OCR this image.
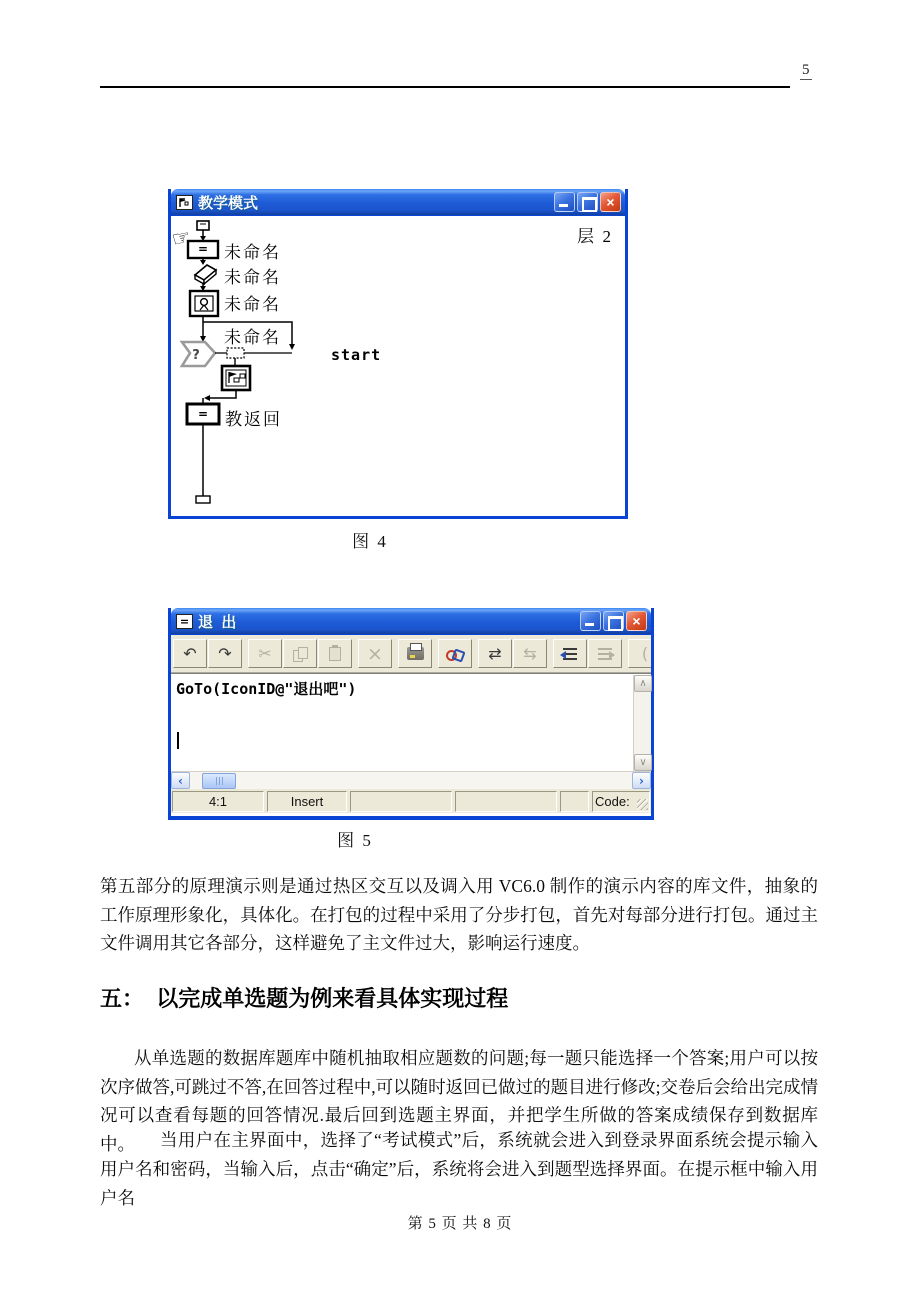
5
教学模式	×
=
?
=
☞	层  2
未命名
未命名
未命名
未命名
教返回
start
图 4
= 退  出	×
↶	↷	✂	×	⇄	⇆	(
GoTo(IconID@"退出吧")	∧
∨
‹	›
4:1	Insert	Code:
图 5

第五部分的原理演示则是通过热区交互以及调入用 VC6.0 制作的演示内容的库文件，抽象的工作原理形象化，具体化。在打包的过程中采用了分步打包，首先对每部分进行打包。通过主文件调用其它各部分，这样避免了主文件过大，影响运行速度。

五：  以完成单选题为例来看具体实现过程

从单选题的数据库题库中随机抽取相应题数的问题;每一题只能选择一个答案;用户可以按次序做答,可跳过不答,在回答过程中,可以随时返回已做过的题目进行修改;交卷后会给出完成情况可以查看每题的回答情况.最后回到选题主界面，并把学生所做的答案成绩保存到数据库中。	当用户在主界面中，选择了“考试模式”后，系统就会进入到登录界面系统会提示输入用户名和密码，当输入后，点击“确定”后，系统将会进入到题型选择界面。在提示框中输入用户名

第 5 页 共 8 页
